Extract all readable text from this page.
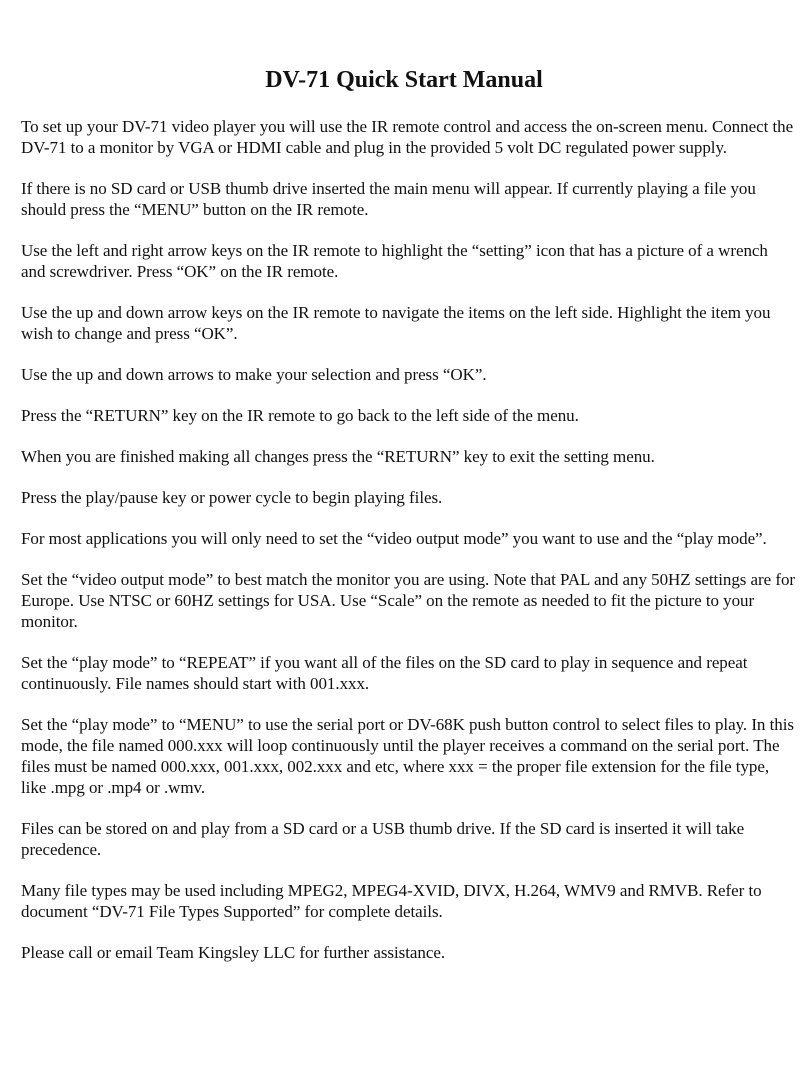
DV-71 Quick Start Manual

To set up your DV-71 video player you will use the IR remote control and access the on-screen menu. Connect the DV-71 to a monitor by VGA or HDMI cable and plug in the provided 5 volt DC regulated power supply.

If there is no SD card or USB thumb drive inserted the main menu will appear. If currently playing a file you should press the “MENU” button on the IR remote.

Use the left and right arrow keys on the IR remote to highlight the “setting” icon that has a picture of a wrench and screwdriver. Press “OK” on the IR remote.

Use the up and down arrow keys on the IR remote to navigate the items on the left side. Highlight the item you wish to change and press “OK”.

Use the up and down arrows to make your selection and press “OK”.

Press the “RETURN” key on the IR remote to go back to the left side of the menu.

When you are finished making all changes press the “RETURN” key to exit the setting menu.

Press the play/pause key or power cycle to begin playing files.

For most applications you will only need to set the “video output mode” you want to use and the “play mode”.

Set the “video output mode” to best match the monitor you are using. Note that PAL and any 50HZ settings are for Europe. Use NTSC or 60HZ settings for USA. Use “Scale” on the remote as needed to fit the picture to your monitor.

Set the “play mode” to “REPEAT” if you want all of the files on the SD card to play in sequence and repeat continuously. File names should start with 001.xxx.

Set the “play mode” to “MENU” to use the serial port or DV-68K push button control to select files to play. In this mode, the file named 000.xxx will loop continuously until the player receives a command on the serial port. The files must be named 000.xxx, 001.xxx, 002.xxx and etc, where xxx = the proper file extension for the file type, like .mpg or .mp4 or .wmv.

Files can be stored on and play from a SD card or a USB thumb drive. If the SD card is inserted it will take precedence.

Many file types may be used including MPEG2, MPEG4-XVID, DIVX, H.264, WMV9 and RMVB. Refer to document “DV-71 File Types Supported” for complete details.

Please call or email Team Kingsley LLC for further assistance.
